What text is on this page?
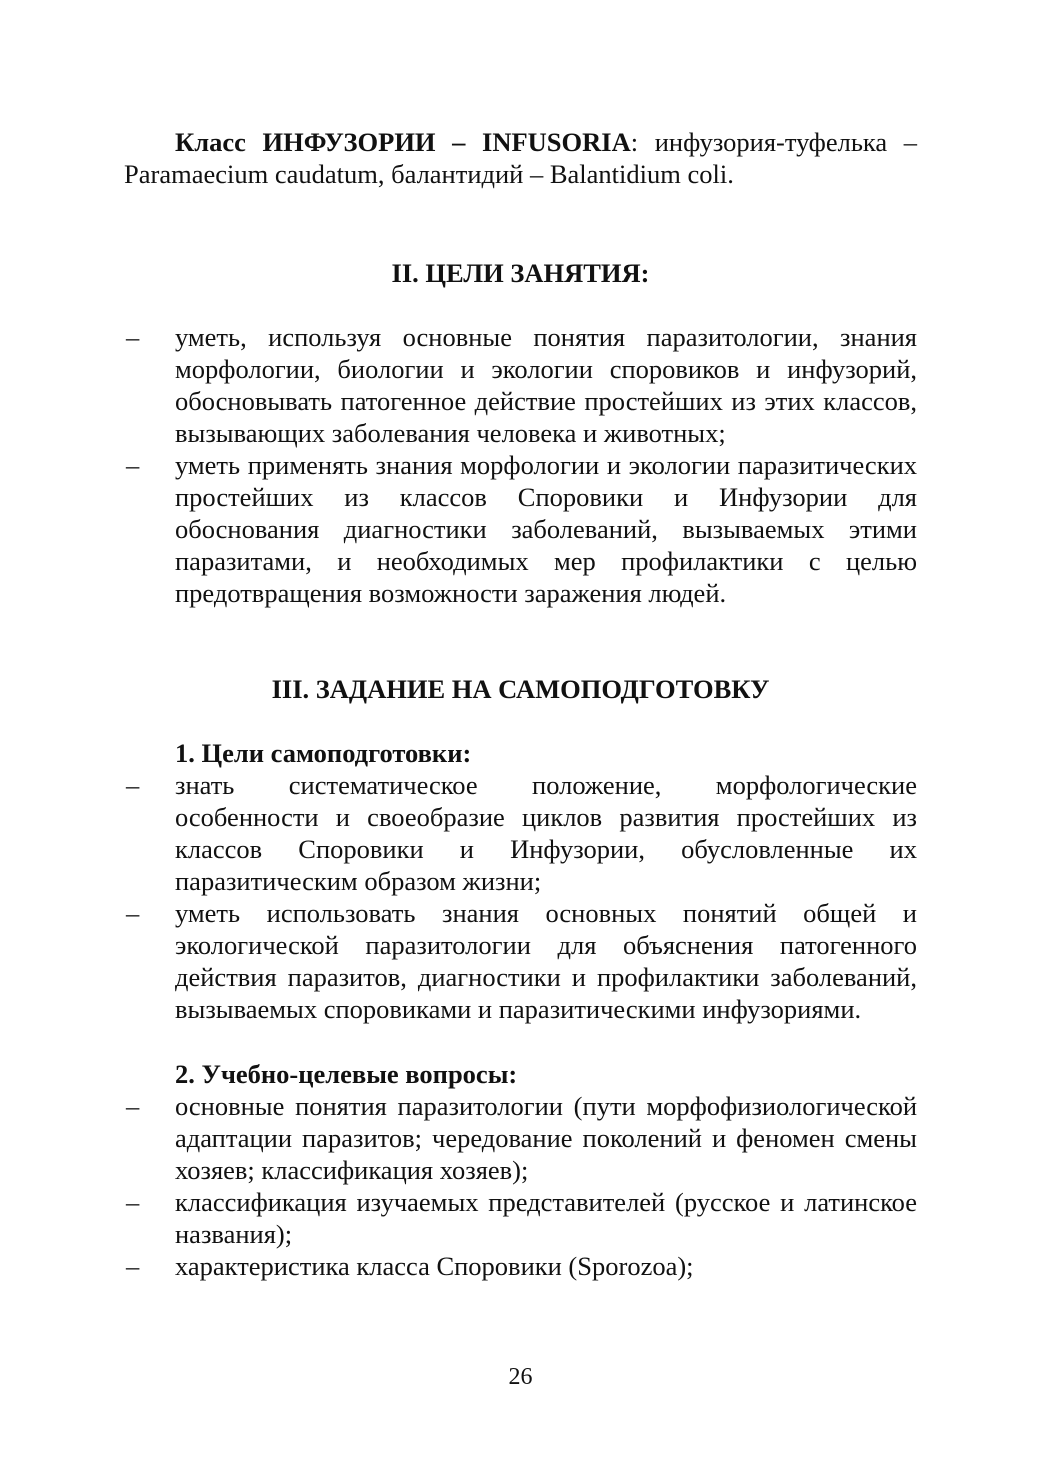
Класс ИНФУЗОРИИ – INFUSORIA: инфузория-туфелька – Paramaecium caudatum, балантидий – Balantidium coli.

II. ЦЕЛИ ЗАНЯТИЯ:
– уметь, используя основные понятия паразитологии, знания морфологии, биологии и экологии споровиков и инфузорий, обосновывать патогенное действие простейших из этих классов, вызывающих заболевания человека и животных;
– уметь применять знания морфологии и экологии паразитических простейших из классов Споровики и Инфузории для обоснования диагностики заболеваний, вызываемых этими паразитами, и необходимых мер профилактики с целью предотвращения возможности заражения людей.
III. ЗАДАНИЕ НА САМОПОДГОТОВКУ
1. Цели самоподготовки:
– знать систематическое положение, морфологические особенности и своеобразие циклов развития простейших из классов Споровики и Инфузории, обусловленные их паразитическим образом жизни;
– уметь использовать знания основных понятий общей и экологической паразитологии для объяснения патогенного действия паразитов, диагностики и профилактики заболеваний, вызываемых споровиками и паразитическими инфузориями.
2. Учебно-целевые вопросы:
– основные понятия паразитологии (пути морфофизиологической адаптации паразитов; чередование поколений и феномен смены хозяев; классификация хозяев);
– классификация изучаемых представителей (русское и латинское названия);
– характеристика класса Споровики (Sporozoa);
26
